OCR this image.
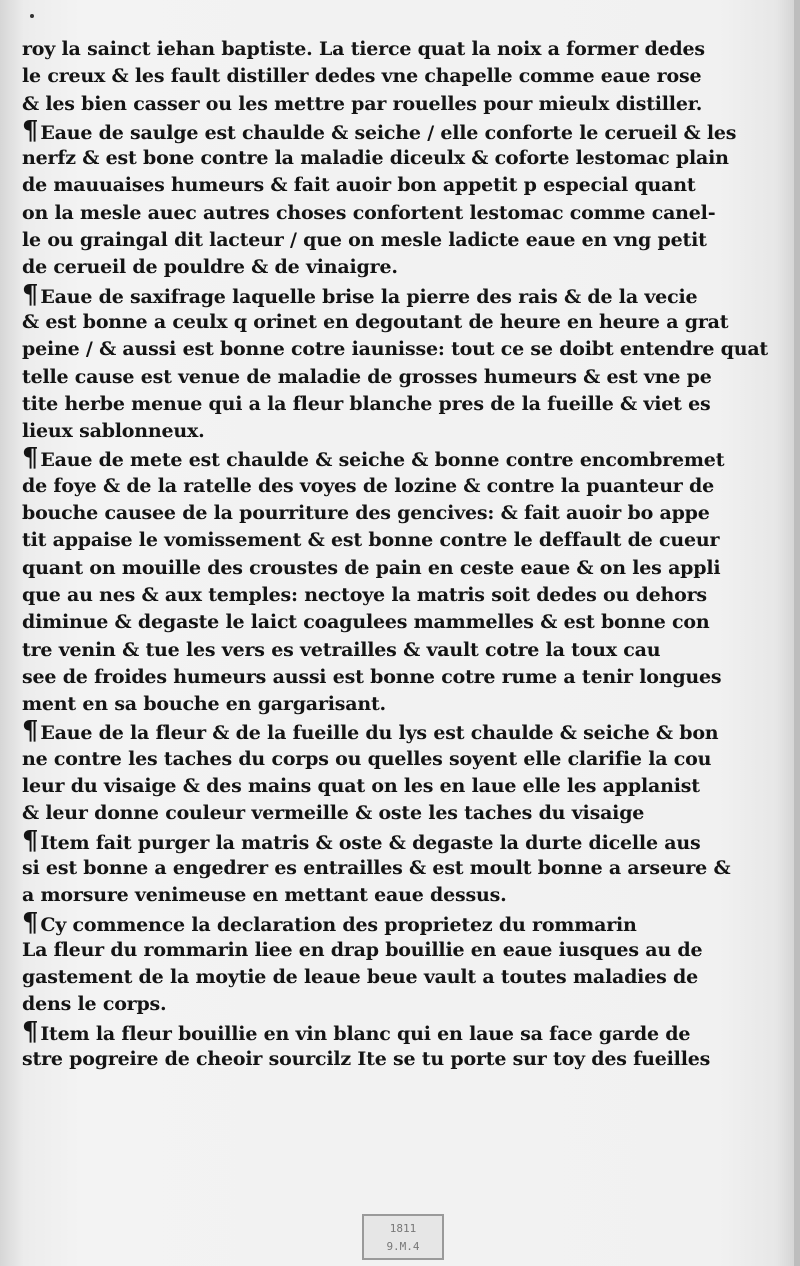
roy la sainct iehan baptiste. La tierce quat la noix a former dedes
le creux & les fault distiller dedes vne chapelle comme eaue rose
& les bien casser ou les mettre par rouelles pour mieulx distiller.
¶ Eaue de saulge est chaulde & seiche / elle conforte le cerueil & les
nerfz & est bone contre la maladie diceulx & coforte lestomac plain
de mauuaises humeurs & fait auoir bon appetit p especial quant
on la mesle auec autres choses confortent lestomac comme canel-
le ou graingal dit lacteur / que on mesle ladicte eaue en vng petit
de cerueil de pouldre & de vinaigre.
¶ Eaue de saxifrage laquelle brise la pierre des rais & de la vecie
& est bonne a ceulx q orinet en degoutant de heure en heure a grat
peine / & aussi est bonne cotre iaunisse: tout ce se doibt entendre quat
telle cause est venue de maladie de grosses humeurs & est vne pe
tite herbe menue qui a la fleur blanche pres de la fueille & viet es
lieux sablonneux.
¶ Eaue de mete est chaulde & seiche & bonne contre encombremet
de foye & de la ratelle des voyes de lozine & contre la puanteur de
bouche causee de la pourriture des gencives: & fait auoir bo appe
tit appaise le vomissement & est bonne contre le deffault de cueur
quant on mouille des croustes de pain en ceste eaue & on les appli
que au nes & aux temples: nectoye la matris soit dedes ou dehors
diminue & degaste le laict coagulees mammelles & est bonne con
tre venin & tue les vers es vetrailles & vault cotre la toux cau
see de froides humeurs aussi est bonne cotre rume a tenir longues
ment en sa bouche en gargarisant.
¶ Eaue de la fleur & de la fueille du lys est chaulde & seiche & bon
ne contre les taches du corps ou quelles soyent elle clarifie la cou
leur du visaige & des mains quat on les en laue elle les applanist
& leur donne couleur vermeille & oste les taches du visaige
¶ Item fait purger la matris & oste & degaste la durte dicelle aus
si est bonne a engedrer es entrailles & est moult bonne a arseure &
a morsure venimeuse en mettant eaue dessus.
¶ Cy commence la declaration des proprietez du rommarin
La fleur du rommarin liee en drap bouillie en eaue iusques au de
gastement de la moytie de leaue beue vault a toutes maladies de
dens le corps.
¶ Item la fleur bouillie en vin blanc qui en laue sa face garde de
stre pogreire de cheoir sourcilz Ite se tu porte sur toy des fueilles
1811
9.M.4
